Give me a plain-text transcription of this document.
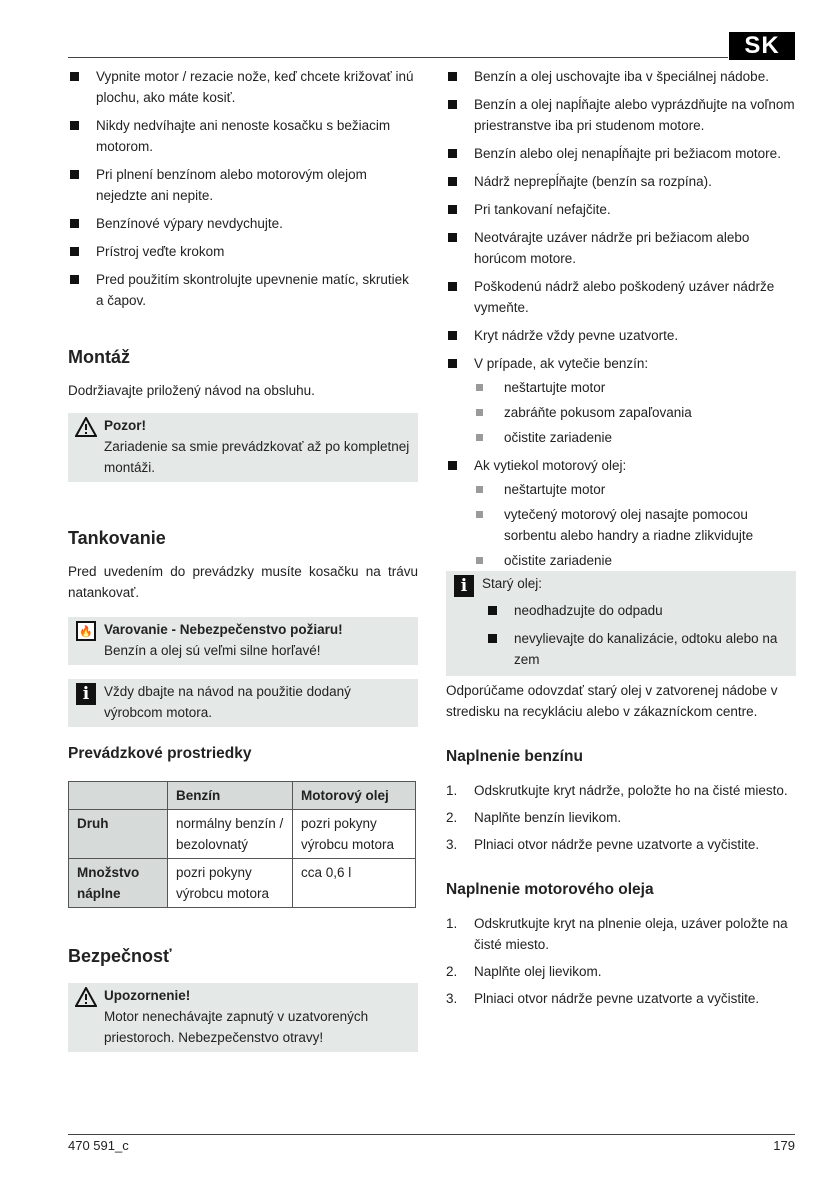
SK
Vypnite motor / rezacie nože, keď chcete križovať inú plochu, ako máte kosiť.
Nikdy nedvíhajte ani nenoste kosačku s bežiacim motorom.
Pri plnení benzínom alebo motorovým olejom nejedzte ani nepite.
Benzínové výpary nevdychujte.
Prístroj veďte krokom
Pred použitím skontrolujte upevnenie matíc, skrutiek a čapov.
Montáž

Dodržiavajte priložený návod na obsluhu.

Pozor!
Zariadenie sa smie prevádzkovať až po kompletnej montáži.
Tankovanie

Pred uvedením do prevádzky musíte kosačku na trávu natankovať.

🔥 Varovanie - Nebezpečenstvo požiaru!
Benzín a olej sú veľmi silne horľavé!
i	Vždy dbajte na návod na použitie dodaný výrobcom motora.
Prevádzkové prostriedky
	Benzín	Motorový olej
Druh	normálny benzín / bezolovnatý	pozri pokyny výrobcu motora
Množstvo náplne	pozri pokyny výrobcu motora	cca 0,6 l
Bezpečnosť
Upozornenie!
Motor nenechávajte zapnutý v uzatvorených priestoroch. Nebezpečenstvo otravy!
Benzín a olej uschovajte iba v špeciálnej nádobe.
Benzín a olej napĺňajte alebo vyprázdňujte na voľnom priestranstve iba pri studenom motore.
Benzín alebo olej nenapĺňajte pri bežiacom motore.
Nádrž neprepĺňajte (benzín sa rozpína).
Pri tankovaní nefajčite.
Neotvárajte uzáver nádrže pri bežiacom alebo horúcom motore.
Poškodenú nádrž alebo poškodený uzáver nádrže vymeňte.
Kryt nádrže vždy pevne uzatvorte.
V prípade, ak vytečie benzín:
neštartujte motor
zabráňte pokusom zapaľovania
očistite zariadenie
Ak vytiekol motorový olej:
neštartujte motor
vytečený motorový olej nasajte pomocou sorbentu alebo handry a riadne zlikvidujte
očistite zariadenie
i	Starý olej:
neodhadzujte do odpadu
nevylievajte do kanalizácie, odtoku alebo na zem

Odporúčame odovzdať starý olej v zatvorenej nádobe v stredisku na recykláciu alebo v zákazníckom centre.

Naplnenie benzínu
1. Odskrutkujte kryt nádrže, položte ho na čisté miesto.
2. Naplňte benzín lievikom.
3. Plniaci otvor nádrže pevne uzatvorte a vyčistite.
Naplnenie motorového oleja
1. Odskrutkujte kryt na plnenie oleja, uzáver položte na čisté miesto.
2. Naplňte olej lievikom.
3. Plniaci otvor nádrže pevne uzatvorte a vyčistite.
470 591_c	179
